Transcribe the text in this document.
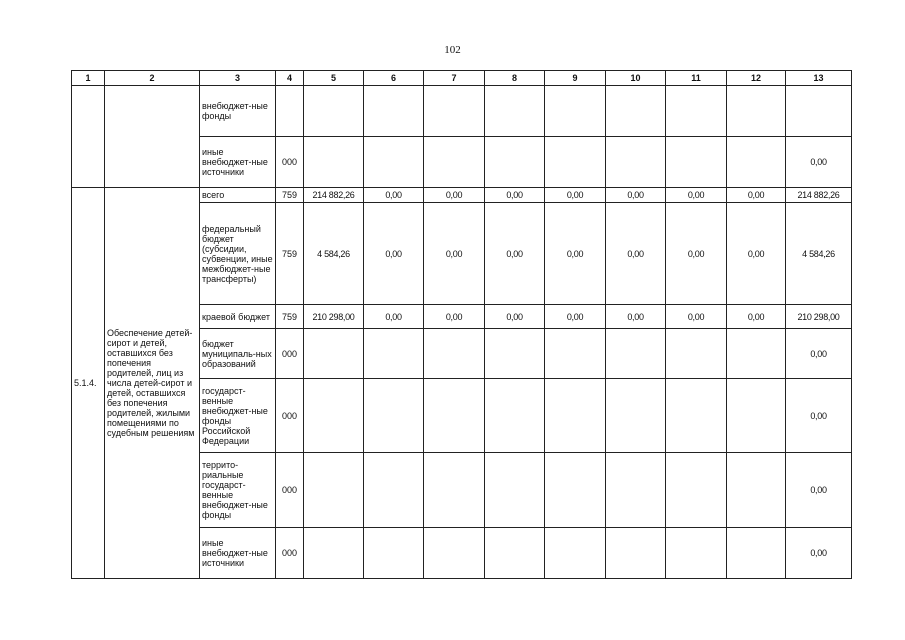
102
1	2	3	4	5	6	7	8	9	10	11	12	13
		внебюджет-ные фонды										
		иные внебюджет-ные источники	000									0,00
5.1.4.	Обеспечение детей-сирот и детей, оставшихся без попечения родителей, лиц из числа детей-сирот и детей, оставшихся без попечения родителей, жилыми помещениями по судебным решениям	всего	759	214 882,26	0,00	0,00	0,00	0,00	0,00	0,00	0,00	214 882,26
		федеральный бюджет (субсидии, субвенции, иные межбюджет-ные трансферты)	759	4 584,26	0,00	0,00	0,00	0,00	0,00	0,00	0,00	4 584,26
		краевой бюджет	759	210 298,00	0,00	0,00	0,00	0,00	0,00	0,00	0,00	210 298,00
		бюджет муниципаль-ных образований	000									0,00
		государст-венные внебюджет-ные фонды Российской Федерации	000									0,00
		террито-риальные государст-венные внебюджет-ные фонды	000									0,00
		иные внебюджет-ные источники	000									0,00
